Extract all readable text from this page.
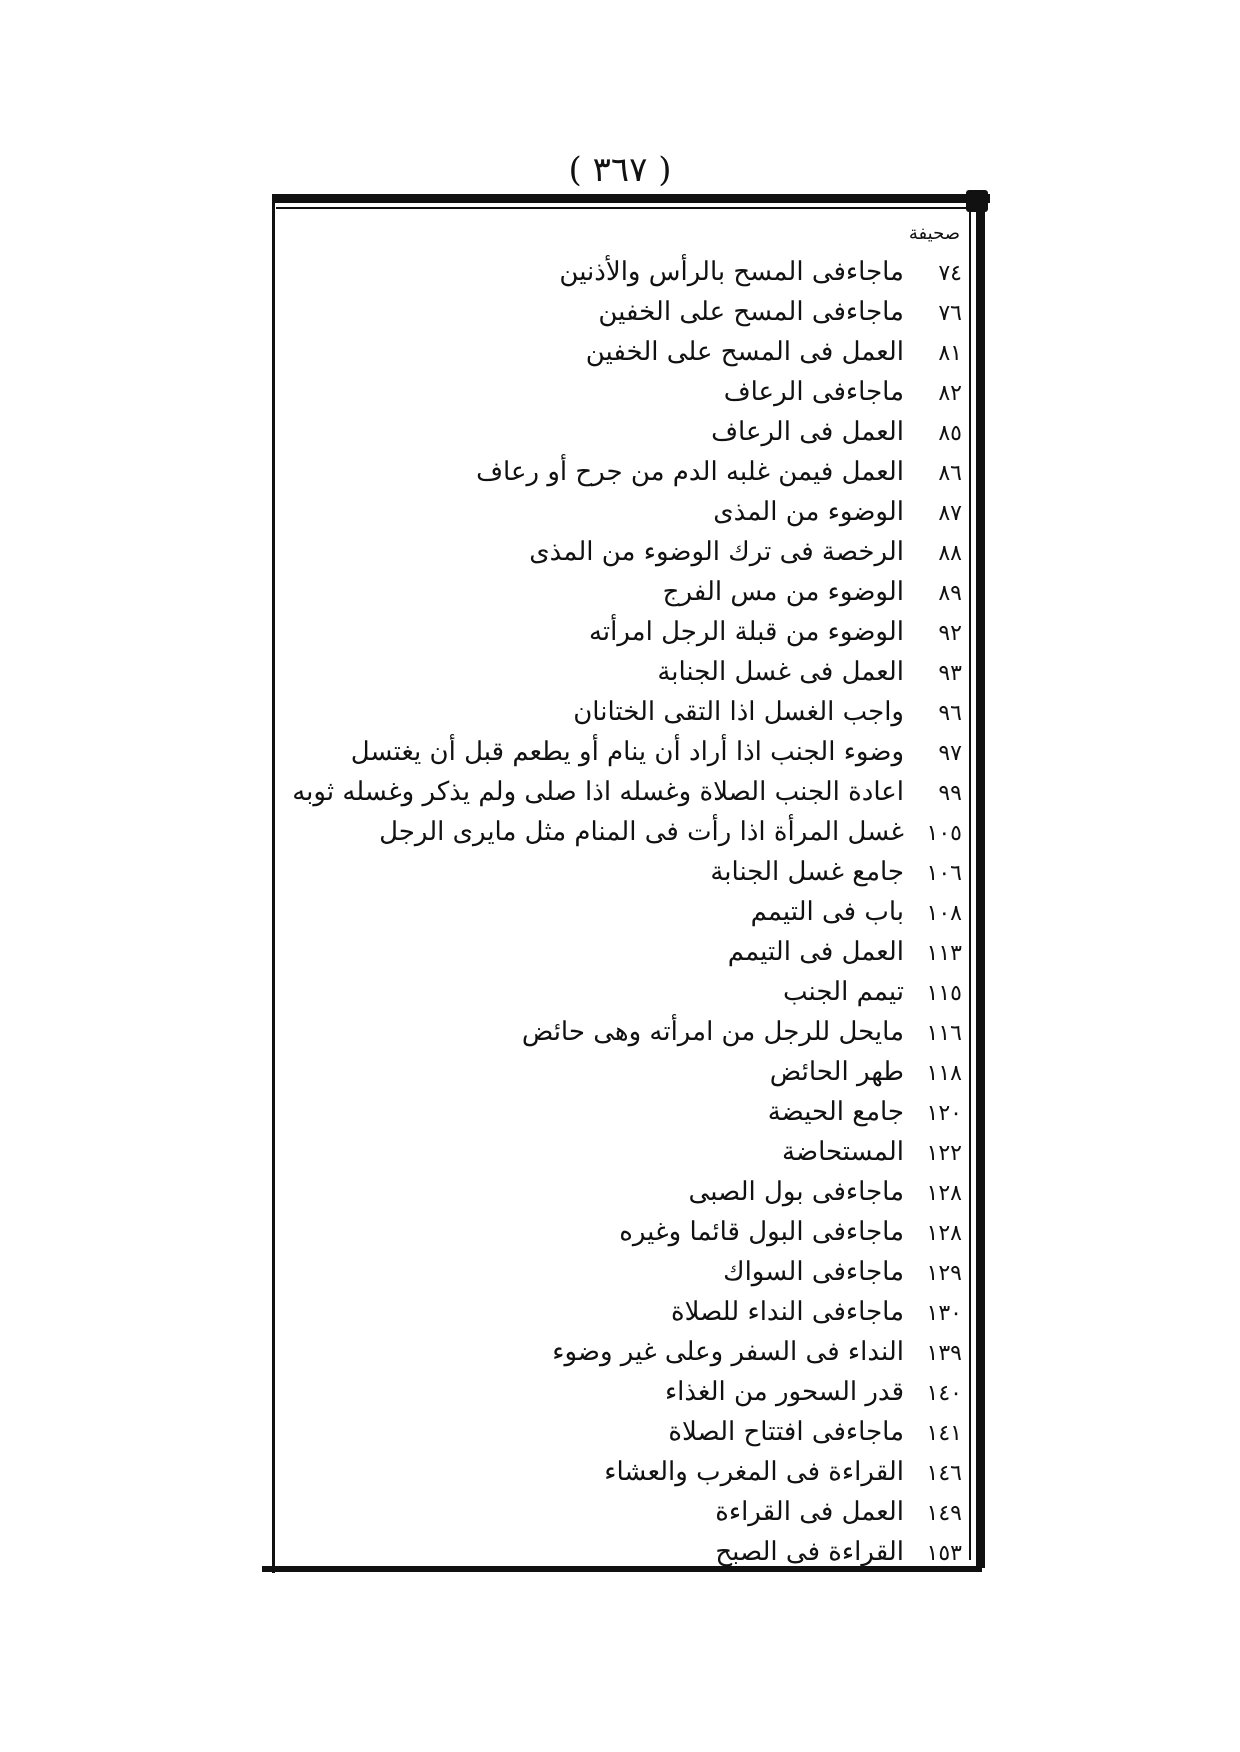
( ٣٦٧ )
صحيفة
٧٤
ماجاءفى المسح بالرأس والأذنين
٧٦
ماجاءفى المسح على الخفين
٨١
العمل فى المسح على الخفين
٨٢
ماجاءفى الرعاف
٨٥
العمل فى الرعاف
٨٦
العمل فيمن غلبه الدم من جرح أو رعاف
٨٧
الوضوء من المذى
٨٨
الرخصة فى ترك الوضوء من المذى
٨٩
الوضوء من مس الفرج
٩٢
الوضوء من قبلة الرجل امرأته
٩٣
العمل فى غسل الجنابة
٩٦
واجب الغسل اذا التقى الختانان
٩٧
وضوء الجنب اذا أراد أن ينام أو يطعم قبل أن يغتسل
٩٩
اعادة الجنب الصلاة وغسله اذا صلى ولم يذكر وغسله ثوبه
١٠٥
غسل المرأة اذا رأت فى المنام مثل مايرى الرجل
١٠٦
جامع غسل الجنابة
١٠٨
باب فى التيمم
١١٣
العمل فى التيمم
١١٥
تيمم الجنب
١١٦
مايحل للرجل من امرأته وهى حائض
١١٨
طهر الحائض
١٢٠
جامع الحيضة
١٢٢
المستحاضة
١٢٨
ماجاءفى بول الصبى
١٢٨
ماجاءفى البول قائما وغيره
١٢٩
ماجاءفى السواك
١٣٠
ماجاءفى النداء للصلاة
١٣٩
النداء فى السفر وعلى غير وضوء
١٤٠
قدر السحور من الغذاء
١٤١
ماجاءفى افتتاح الصلاة
١٤٦
القراءة فى المغرب والعشاء
١٤٩
العمل فى القراءة
١٥٣
القراءة فى الصبح
